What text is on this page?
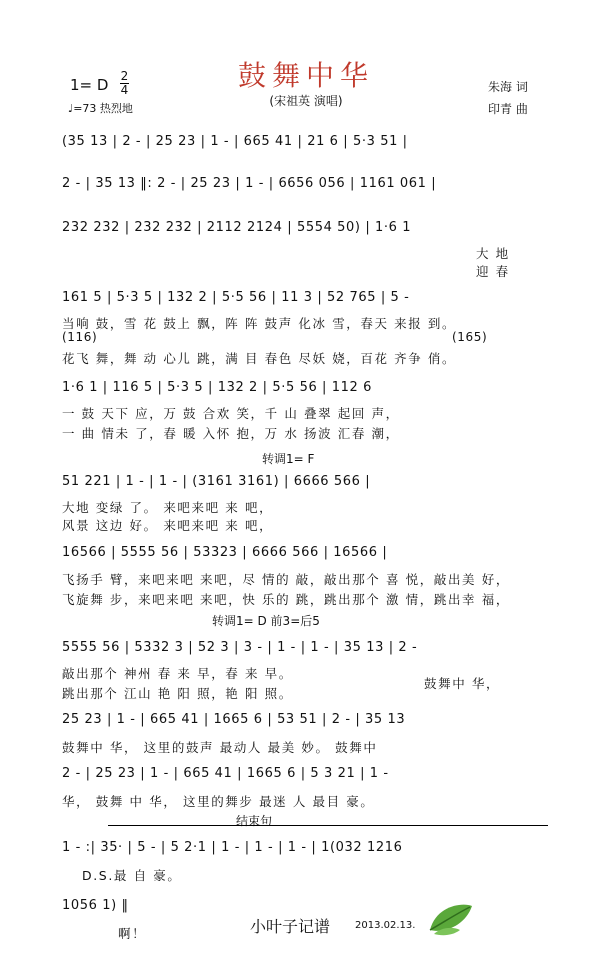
鼓舞中华
(宋祖英 演唱)
1= D 2
4
♩=73 热烈地
朱海 词
印青 曲
(35 13 | 2 - | 25 23 | 1 - | 665 41 | 21 6 | 5·3 51 |
2 - | 35 13 ‖: 2 - | 25 23 | 1 - | 6656 056 | 1161 061 |
232 232 | 232 232 | 2112 2124 | 5554 50) | 1·6 1
大 地
迎 春
161 5 | 5·3 5 | 132 2 | 5·5 56 | 11 3 | 52 765 | 5 -
当响 鼓，雪 花 鼓上 飘，阵 阵 鼓声 化冰 雪，春天 来报 到。
(116)	(165)
花飞 舞，舞 动 心儿 跳，满 目 春色 尽妖 娆，百花 齐争 俏。
1·6 1 | 116 5 | 5·3 5 | 132 2 | 5·5 56 | 112 6
一 鼓 天下 应，万 鼓 合欢 笑，千 山 叠翠 起回 声，
一 曲 情未 了，春 暖 入怀 抱，万 水 扬波 汇春 潮，
转调1= F
51 221 | 1 - | 1 - | (3161 3161) | 6666 566 |
大地 变绿 了。 来吧来吧 来 吧，
风景 这边 好。 来吧来吧 来 吧，
16566 | 5555 56 | 53323 | 6666 566 | 16566 |
飞扬手 臂，来吧来吧 来吧，尽 情的 敲，敲出那个 喜 悦，敲出美 好，
飞旋舞 步，来吧来吧 来吧，快 乐的 跳，跳出那个 激 情，跳出幸 福，
转调1= D 前3=后5
5555 56 | 5332 3 | 52 3 | 3 - | 1 - | 1 - | 35 13 | 2 -
敲出那个 神州 春 来 早，春 来 早。
跳出那个 江山 艳 阳 照，艳 阳 照。
鼓舞中 华，
25 23 | 1 - | 665 41 | 1665 6 | 53 51 | 2 - | 35 13
鼓舞中 华， 这里的鼓声 最动人 最美 妙。 鼓舞中
2 - | 25 23 | 1 - | 665 41 | 1665 6 | 5 3 21 | 1 -
华， 鼓舞 中 华， 这里的舞步 最迷 人 最目 豪。
结束句
1 - :| 35· | 5 - | 5 2·1 | 1 - | 1 - | 1 - | 1(032 1216
D.S.最 自 豪。
1056 1) ‖
啊！	小叶子记谱 2013.02.13.
